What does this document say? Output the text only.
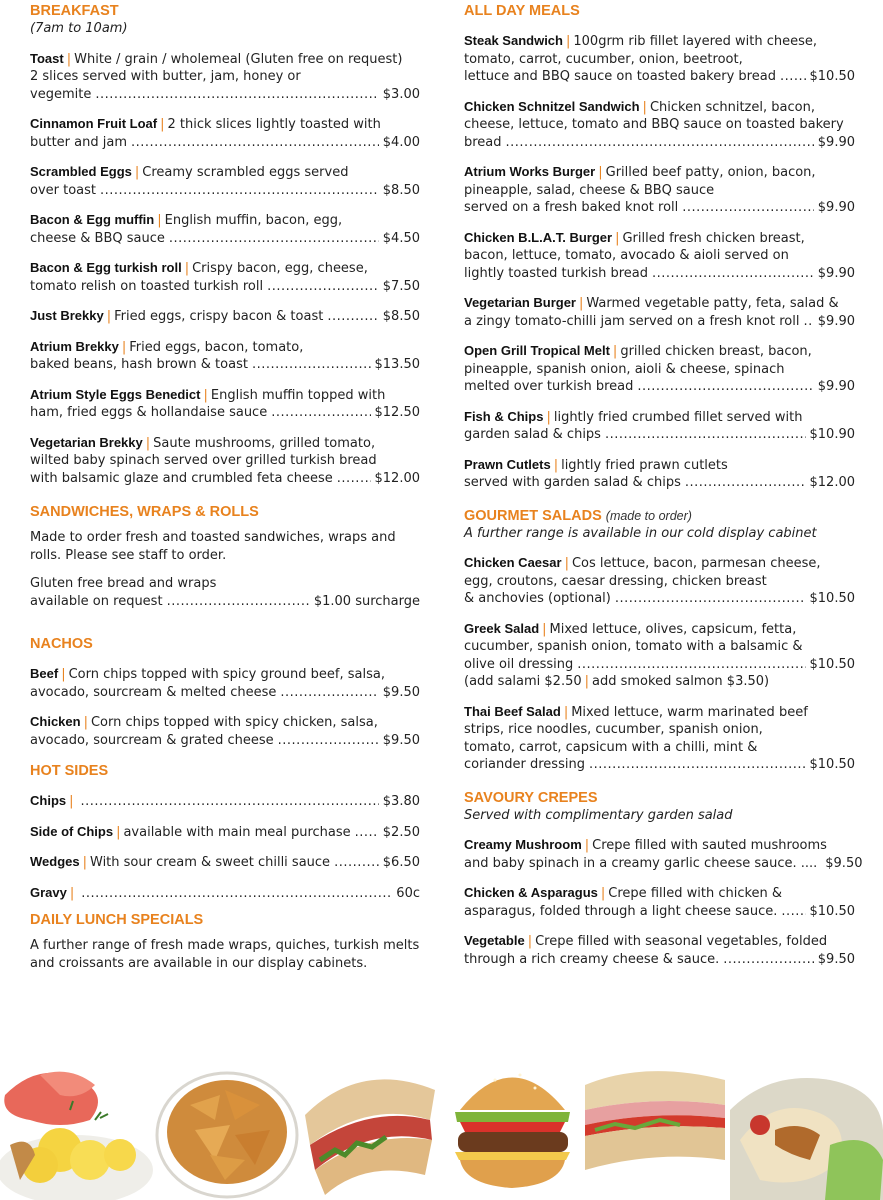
BREAKFAST
(7am to 10am)
Toast | White / grain / wholemeal (Gluten free on request)
2 slices served with butter, jam, honey or
vegemite .....	$3.00
Cinnamon Fruit Loaf | 2 thick slices lightly toasted with
butter and jam .....	$4.00
Scrambled Eggs | Creamy scrambled eggs served
over toast .....	$8.50
Bacon & Egg muffin | English muffin, bacon, egg,
cheese & BBQ sauce .....	$4.50
Bacon & Egg turkish roll | Crispy bacon, egg, cheese,
tomato relish on toasted turkish roll .....	$7.50
Just Brekky | Fried eggs, crispy bacon & toast .....	$8.50
Atrium Brekky | Fried eggs, bacon, tomato,
baked beans, hash brown & toast .....	$13.50
Atrium Style Eggs Benedict | English muffin topped with
ham, fried eggs & hollandaise sauce .....	$12.50
Vegetarian Brekky | Saute mushrooms, grilled tomato,
wilted baby spinach served over grilled turkish bread
with balsamic glaze and crumbled feta cheese .....	$12.00
SANDWICHES, WRAPS & ROLLS
Made to order fresh and toasted sandwiches, wraps and
rolls. Please see staff to order.
Gluten free bread and wraps
available on request .....	$1.00 surcharge
NACHOS
Beef | Corn chips topped with spicy ground beef, salsa,
avocado, sourcream & melted cheese .....	$9.50
Chicken | Corn chips topped with spicy chicken, salsa,
avocado, sourcream & grated cheese .....	$9.50
HOT SIDES
Chips | .....	$3.80
Side of Chips | available with main meal purchase ..... $2.50
Wedges | With sour cream & sweet chilli sauce .....	$6.50
Gravy | .....	60c
DAILY LUNCH SPECIALS
A further range of fresh made wraps, quiches, turkish melts
and croissants are available in our display cabinets.
ALL DAY MEALS
Steak Sandwich | 100grm rib fillet layered with cheese,
tomato, carrot, cucumber, onion, beetroot,
lettuce and BBQ sauce on toasted bakery bread .....	$10.50
Chicken Schnitzel Sandwich | Chicken schnitzel, bacon,
cheese, lettuce, tomato and BBQ sauce on toasted bakery
bread .....	$9.90
Atrium Works Burger | Grilled beef patty, onion, bacon,
pineapple, salad, cheese & BBQ sauce
served on a fresh baked knot roll .....	$9.90
Chicken B.L.A.T. Burger | Grilled fresh chicken breast,
bacon, lettuce, tomato, avocado & aioli served on
lightly toasted turkish bread .....	$9.90
Vegetarian Burger | Warmed vegetable patty, feta, salad &
a zingy tomato-chilli jam served on a fresh knot roll ..... $9.90
Open Grill Tropical Melt | grilled chicken breast, bacon,
pineapple, spanish onion, aioli & cheese, spinach
melted over turkish bread .....	$9.90
Fish & Chips | lightly fried crumbed fillet served with
garden salad & chips .....	$10.90
Prawn Cutlets | lightly fried prawn cutlets
served with garden salad & chips .....	$12.00
GOURMET SALADS (made to order)
A further range is available in our cold display cabinet
Chicken Caesar | Cos lettuce, bacon, parmesan cheese,
egg, croutons, caesar dressing, chicken breast
& anchovies (optional) .....	$10.50
Greek Salad | Mixed lettuce, olives, capsicum, fetta,
cucumber, spanish onion, tomato with a balsamic &
olive oil dressing .....	$10.50
(add salami $2.50 | add smoked salmon $3.50)
Thai Beef Salad | Mixed lettuce, warm marinated beef
strips, rice noodles, cucumber, spanish onion,
tomato, carrot, capsicum with a chilli, mint &
coriander dressing .....	$10.50
SAVOURY CREPES
Served with complimentary garden salad
Creamy Mushroom | Crepe filled with sauted mushrooms
and baby spinach in a creamy garlic cheese sauce. .... $9.50
Chicken & Asparagus | Crepe filled with chicken &
asparagus, folded through a light cheese sauce. ..... $10.50
Vegetable | Crepe filled with seasonal vegetables, folded
through a rich creamy cheese & sauce. .....	$9.50
